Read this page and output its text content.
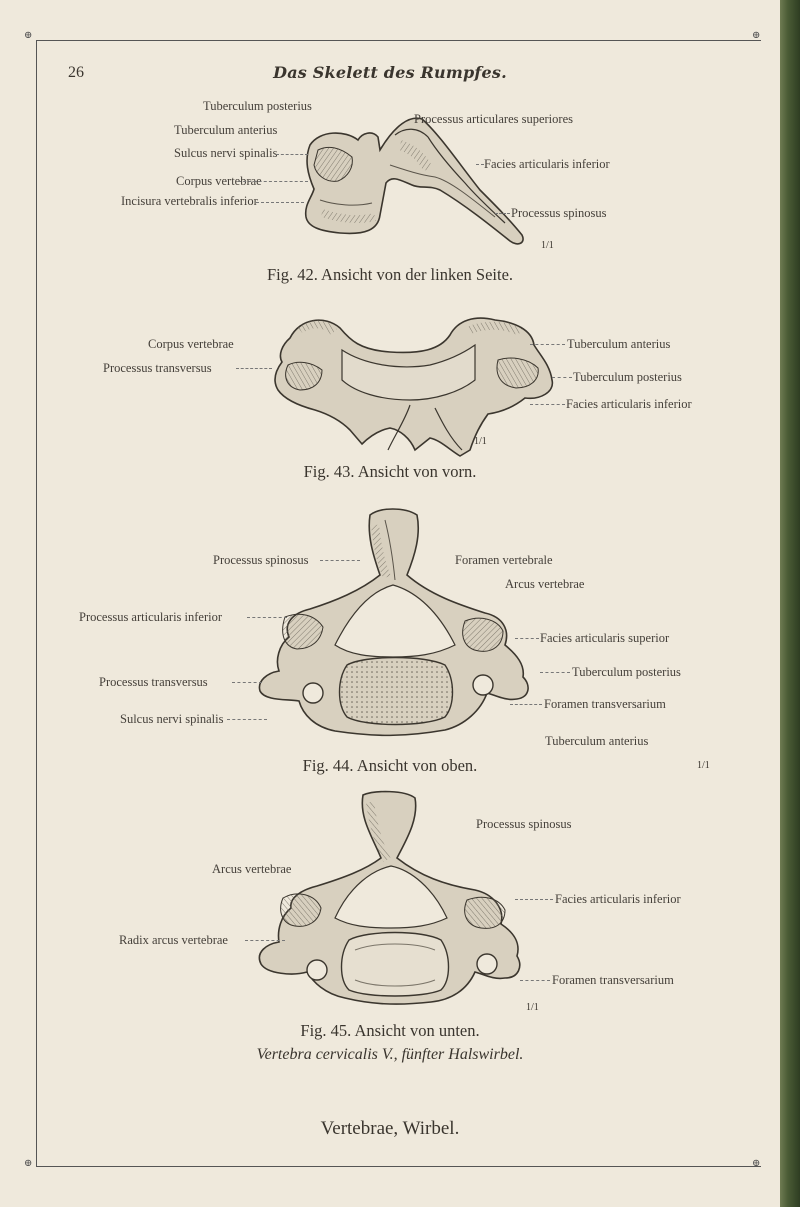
⊕	⊕
⊕	⊕
26	Das Skelett des Rumpfes.
1/1
Tuberculum posterius
Tuberculum anterius
Sulcus nervi spinalis
Corpus vertebrae
Incisura vertebralis inferior
Processus articulares superiores
Facies articularis inferior
Processus spinosus
Fig. 42. Ansicht von der linken Seite.
1/1
Corpus vertebrae
Processus transversus
Tuberculum anterius
Tuberculum posterius
Facies articularis inferior
Fig. 43. Ansicht von vorn.
1/1
Processus spinosus
Processus articularis inferior
Processus transversus
Sulcus nervi spinalis
Foramen vertebrale
Arcus vertebrae
Facies articularis superior
Tuberculum posterius
Foramen transversarium
Tuberculum anterius
Fig. 44. Ansicht von oben.
1/1
Arcus vertebrae
Radix arcus vertebrae
Processus spinosus
Facies articularis inferior
Foramen transversarium
Fig. 45. Ansicht von unten.
Vertebra cervicalis V., fünfter Halswirbel.
Vertebrae, Wirbel.
